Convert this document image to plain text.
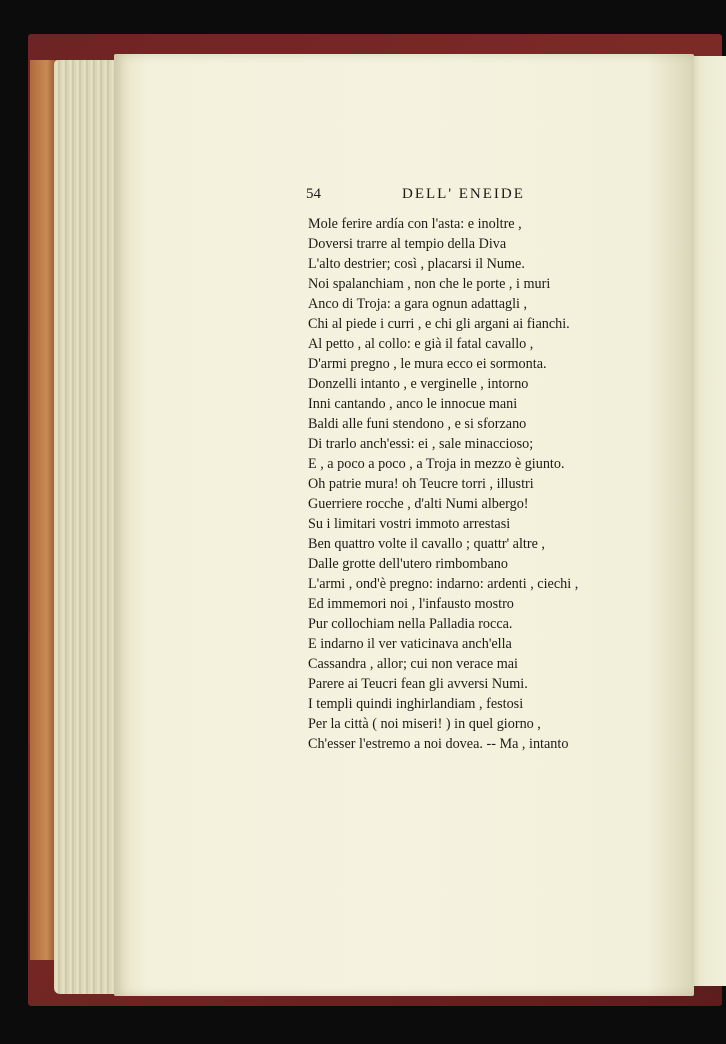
54	DELL' ENEIDE
Mole ferire ardía con l'asta: e inoltre ,
Doversi trarre al tempio della Diva
L'alto destrier; così , placarsi il Nume.
Noi spalanchiam , non che le porte , i muri
Anco di Troja: a gara ognun adattagli ,
Chi al piede i curri , e chi gli argani ai fianchi.
Al petto , al collo: e già il fatal cavallo ,
D'armi pregno , le mura ecco ei sormonta.
Donzelli intanto , e verginelle , intorno
Inni cantando , anco le innocue mani
Baldi alle funi stendono , e si sforzano
Di trarlo anch'essi: ei , sale minaccioso;
E , a poco a poco , a Troja in mezzo è giunto.
Oh patrie mura! oh Teucre torri , illustri
Guerriere rocche , d'alti Numi albergo!
Su i limitari vostri immoto arrestasi
Ben quattro volte il cavallo ; quattr' altre ,
Dalle grotte dell'utero rimbombano
L'armi , ond'è pregno: indarno: ardenti , ciechi ,
Ed immemori noi , l'infausto mostro
Pur collochiam nella Palladia rocca.
E indarno il ver vaticinava anch'ella
Cassandra , allor; cui non verace mai
Parere ai Teucri fean gli avversi Numi.
I templi quindi inghirlandiam , festosi
Per la città ( noi miseri! ) in quel giorno ,
Ch'esser l'estremo a noi dovea. -- Ma , intanto
